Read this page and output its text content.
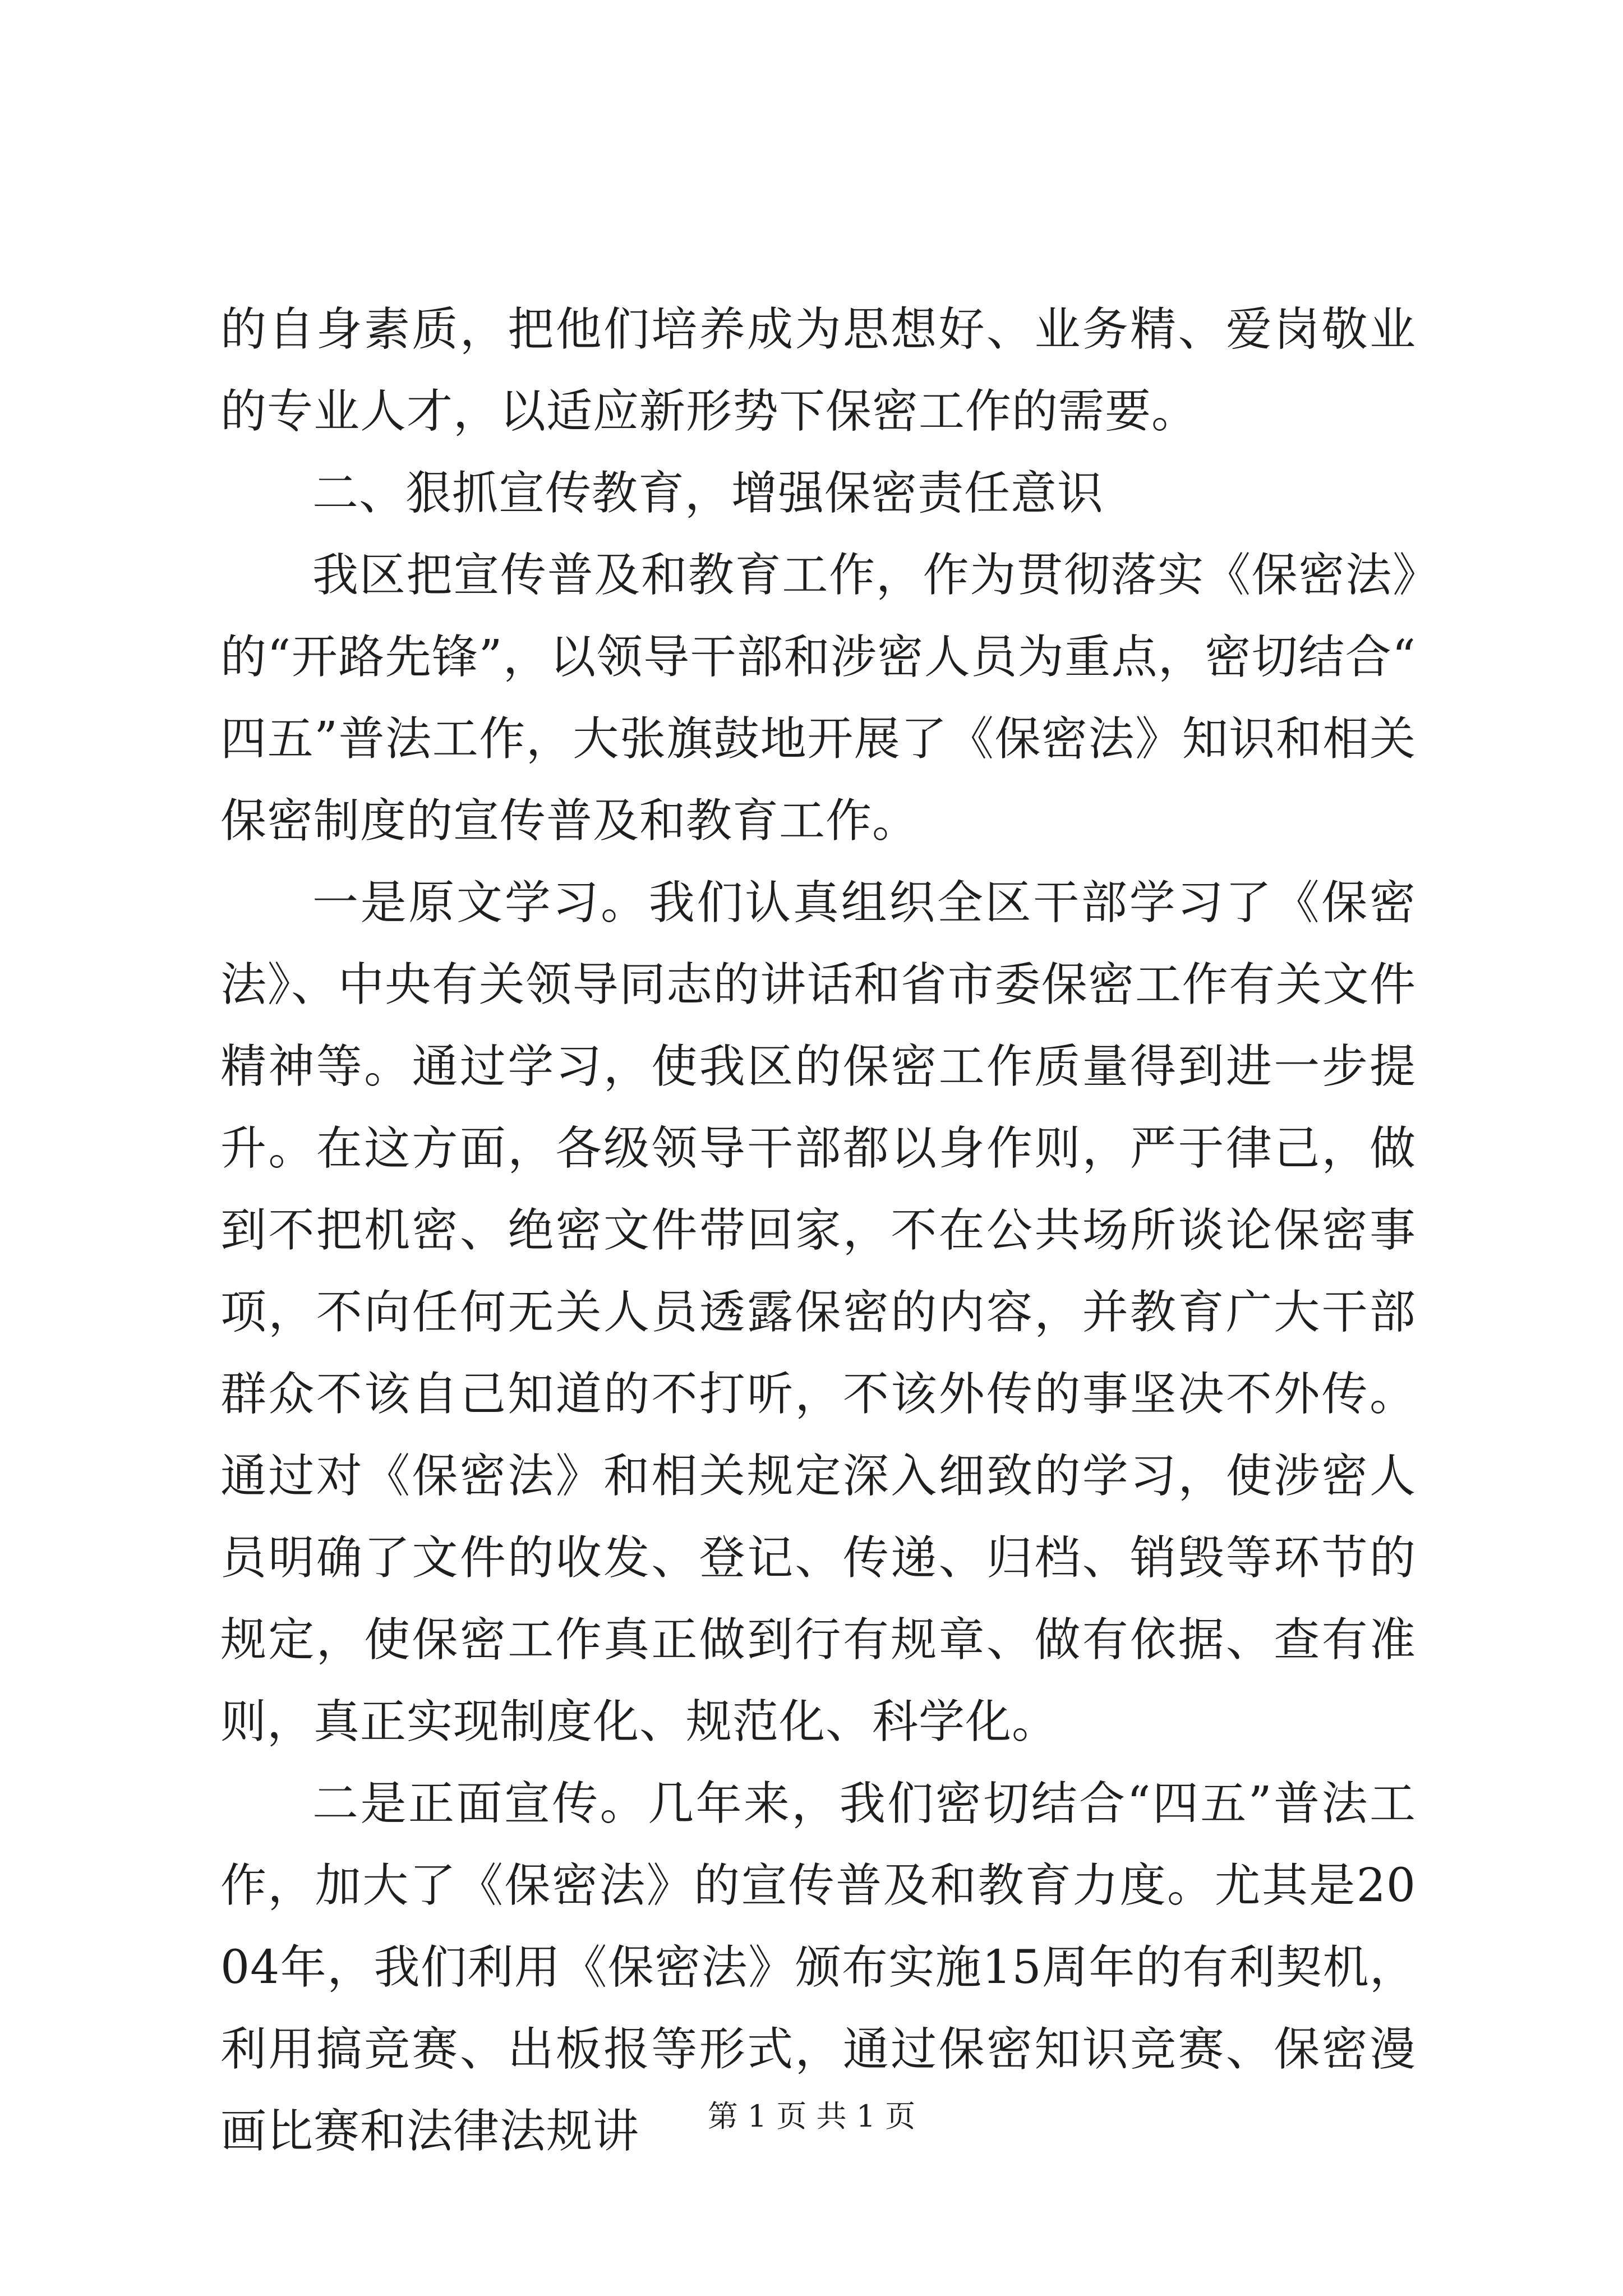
的自身素质，把他们培养成为思想好、业务精、爱岗敬业的专业人才，以适应新形势下保密工作的需要。

二、狠抓宣传教育，增强保密责任意识

我区把宣传普及和教育工作，作为贯彻落实《保密法》的“开路先锋”，以领导干部和涉密人员为重点，密切结合“四五”普法工作，大张旗鼓地开展了《保密法》知识和相关保密制度的宣传普及和教育工作。

一是原文学习。我们认真组织全区干部学习了《保密法》、中央有关领导同志的讲话和省市委保密工作有关文件精神等。通过学习，使我区的保密工作质量得到进一步提升。在这方面，各级领导干部都以身作则，严于律己，做到不把机密、绝密文件带回家，不在公共场所谈论保密事项，不向任何无关人员透露保密的内容，并教育广大干部群众不该自己知道的不打听，不该外传的事坚决不外传。通过对《保密法》和相关规定深入细致的学习，使涉密人员明确了文件的收发、登记、传递、归档、销毁等环节的规定，使保密工作真正做到行有规章、做有依据、查有准则，真正实现制度化、规范化、科学化。

二是正面宣传。几年来，我们密切结合“四五”普法工作，加大了《保密法》的宣传普及和教育力度。尤其是2004年，我们利用《保密法》颁布实施15周年的有利契机，利用搞竞赛、出板报等形式，通过保密知识竞赛、保密漫画比赛和法律法规讲	第 1 页 共 1 页
